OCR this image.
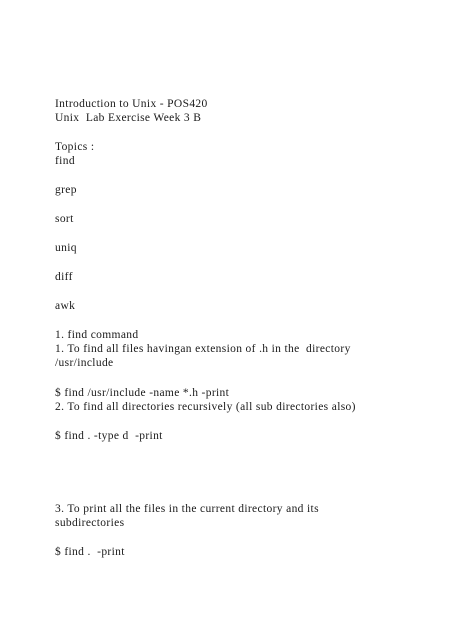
Introduction to Unix - POS420

Unix  Lab Exercise Week 3 B

Topics :

find

grep

sort

uniq

diff

awk

1. find command

1. To find all files havingan extension of .h in the  directory

/usr/include

$ find /usr/include -name *.h -print

2. To find all directories recursively (all sub directories also)

$ find . -type d  -print

3. To print all the files in the current directory and its

subdirectories

$ find .  -print
